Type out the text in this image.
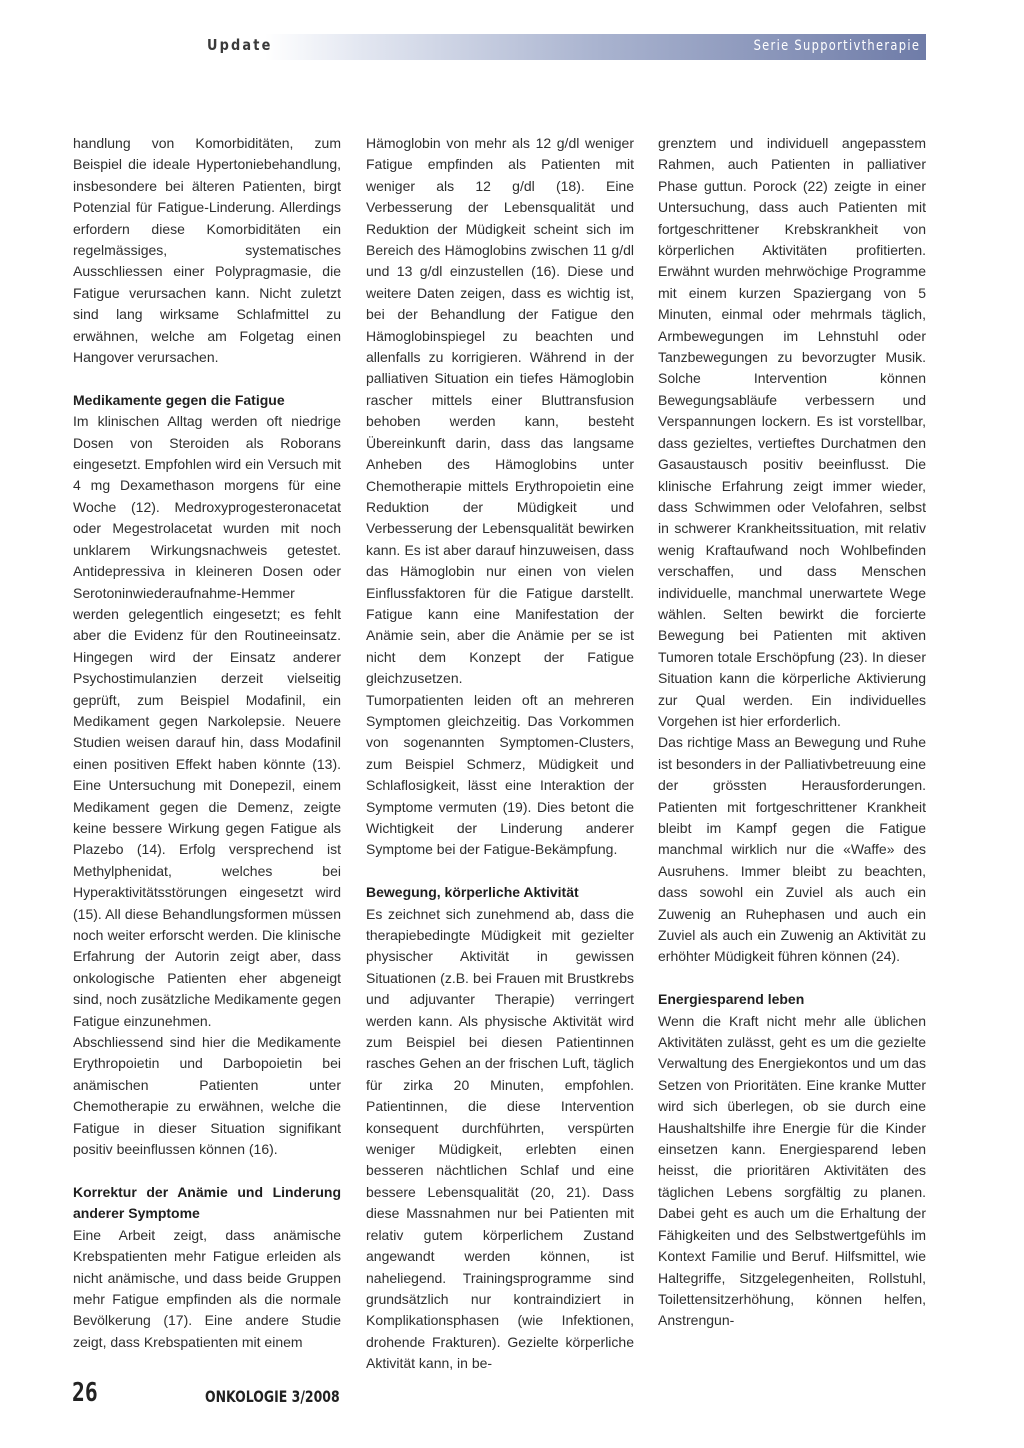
Update	Serie Supportivtherapie

handlung von Komorbiditäten, zum Beispiel die ideale Hypertoniebehandlung, insbesondere bei älteren Patienten, birgt Potenzial für Fatigue-Linderung. Allerdings erfordern diese Komorbiditäten ein regelmässiges, systematisches Ausschliessen einer Polypragmasie, die Fatigue verursachen kann. Nicht zuletzt sind lang wirksame Schlafmittel zu erwähnen, welche am Folgetag einen Hangover verursachen.

Medikamente gegen die Fatigue

Im klinischen Alltag werden oft niedrige Dosen von Steroiden als Roborans eingesetzt. Empfohlen wird ein Versuch mit 4 mg Dexamethason morgens für eine Woche (12). Medroxyprogesteronacetat oder Megestrolacetat wurden mit noch unklarem Wirkungsnachweis getestet. Antidepressiva in kleineren Dosen oder Serotoninwiederaufnahme-Hemmer werden gelegentlich eingesetzt; es fehlt aber die Evidenz für den Routineeinsatz. Hingegen wird der Einsatz anderer Psychostimulanzien derzeit vielseitig geprüft, zum Beispiel Modafinil, ein Medikament gegen Narkolepsie. Neuere Studien weisen darauf hin, dass Modafinil einen positiven Effekt haben könnte (13). Eine Untersuchung mit Donepezil, einem Medikament gegen die Demenz, zeigte keine bessere Wirkung gegen Fatigue als Plazebo (14). Erfolg versprechend ist Methylphenidat, welches bei Hyperaktivitätsstörungen eingesetzt wird (15). All diese Behandlungsformen müssen noch weiter erforscht werden. Die klinische Erfahrung der Autorin zeigt aber, dass onkologische Patienten eher abgeneigt sind, noch zusätzliche Medikamente gegen Fatigue einzunehmen.

Abschliessend sind hier die Medikamente Erythropoietin und Darbopoietin bei anämischen Patienten unter Chemotherapie zu erwähnen, welche die Fatigue in dieser Situation signifikant positiv beeinflussen können (16).

Korrektur der Anämie und Linderung anderer Symptome

Eine Arbeit zeigt, dass anämische Krebspatienten mehr Fatigue erleiden als nicht anämische, und dass beide Gruppen mehr Fatigue empfinden als die normale Bevölkerung (17). Eine andere Studie zeigt, dass Krebspatienten mit einem

Hämoglobin von mehr als 12 g/dl weniger Fatigue empfinden als Patienten mit weniger als 12 g/dl (18). Eine Verbesserung der Lebensqualität und Reduktion der Müdigkeit scheint sich im Bereich des Hämoglobins zwischen 11 g/dl und 13 g/dl einzustellen (16). Diese und weitere Daten zeigen, dass es wichtig ist, bei der Behandlung der Fatigue den Hämoglobinspiegel zu beachten und allenfalls zu korrigieren. Während in der palliativen Situation ein tiefes Hämoglobin rascher mittels einer Bluttransfusion behoben werden kann, besteht Übereinkunft darin, dass das langsame Anheben des Hämoglobins unter Chemotherapie mittels Erythropoietin eine Reduktion der Müdigkeit und Verbesserung der Lebensqualität bewirken kann. Es ist aber darauf hinzuweisen, dass das Hämoglobin nur einen von vielen Einflussfaktoren für die Fatigue darstellt. Fatigue kann eine Manifestation der Anämie sein, aber die Anämie per se ist nicht dem Konzept der Fatigue gleichzusetzen.

Tumorpatienten leiden oft an mehreren Symptomen gleichzeitig. Das Vorkommen von sogenannten Symptomen-Clusters, zum Beispiel Schmerz, Müdigkeit und Schlaflosigkeit, lässt eine Interaktion der Symptome vermuten (19). Dies betont die Wichtigkeit der Linderung anderer Symptome bei der Fatigue-Bekämpfung.

Bewegung, körperliche Aktivität

Es zeichnet sich zunehmend ab, dass die therapiebedingte Müdigkeit mit gezielter physischer Aktivität in gewissen Situationen (z.B. bei Frauen mit Brustkrebs und adjuvanter Therapie) verringert werden kann. Als physische Aktivität wird zum Beispiel bei diesen Patientinnen rasches Gehen an der frischen Luft, täglich für zirka 20 Minuten, empfohlen. Patientinnen, die diese Intervention konsequent durchführten, verspürten weniger Müdigkeit, erlebten einen besseren nächtlichen Schlaf und eine bessere Lebensqualität (20, 21). Dass diese Massnahmen nur bei Patienten mit relativ gutem körperlichem Zustand angewandt werden können, ist naheliegend. Trainingsprogramme sind grundsätzlich nur kontraindiziert in Komplikationsphasen (wie Infektionen, drohende Frakturen). Gezielte körperliche Aktivität kann, in be-

grenztem und individuell angepasstem Rahmen, auch Patienten in palliativer Phase guttun. Porock (22) zeigte in einer Untersuchung, dass auch Patienten mit fortgeschrittener Krebskrankheit von körperlichen Aktivitäten profitierten. Erwähnt wurden mehrwöchige Programme mit einem kurzen Spaziergang von 5 Minuten, einmal oder mehrmals täglich, Armbewegungen im Lehnstuhl oder Tanzbewegungen zu bevorzugter Musik. Solche Intervention können Bewegungsabläufe verbessern und Verspannungen lockern. Es ist vorstellbar, dass gezieltes, vertieftes Durchatmen den Gasaustausch positiv beeinflusst. Die klinische Erfahrung zeigt immer wieder, dass Schwimmen oder Velofahren, selbst in schwerer Krankheitssituation, mit relativ wenig Kraftaufwand noch Wohlbefinden verschaffen, und dass Menschen individuelle, manchmal unerwartete Wege wählen. Selten bewirkt die forcierte Bewegung bei Patienten mit aktiven Tumoren totale Erschöpfung (23). In dieser Situation kann die körperliche Aktivierung zur Qual werden. Ein individuelles Vorgehen ist hier erforderlich.

Das richtige Mass an Bewegung und Ruhe ist besonders in der Palliativbetreuung eine der grössten Herausforderungen. Patienten mit fortgeschrittener Krankheit bleibt im Kampf gegen die Fatigue manchmal wirklich nur die «Waffe» des Ausruhens. Immer bleibt zu beachten, dass sowohl ein Zuviel als auch ein Zuwenig an Ruhephasen und auch ein Zuviel als auch ein Zuwenig an Aktivität zu erhöhter Müdigkeit führen können (24).

Energiesparend leben

Wenn die Kraft nicht mehr alle üblichen Aktivitäten zulässt, geht es um die gezielte Verwaltung des Energiekontos und um das Setzen von Prioritäten. Eine kranke Mutter wird sich überlegen, ob sie durch eine Haushaltshilfe ihre Energie für die Kinder einsetzen kann. Energiesparend leben heisst, die prioritären Aktivitäten des täglichen Lebens sorgfältig zu planen. Dabei geht es auch um die Erhaltung der Fähigkeiten und des Selbstwertgefühls im Kontext Familie und Beruf. Hilfsmittel, wie Haltegriffe, Sitzgelegenheiten, Rollstuhl, Toilettensitzerhöhung, können helfen, Anstrengun-

26	ONKOLOGIE 3/2008
